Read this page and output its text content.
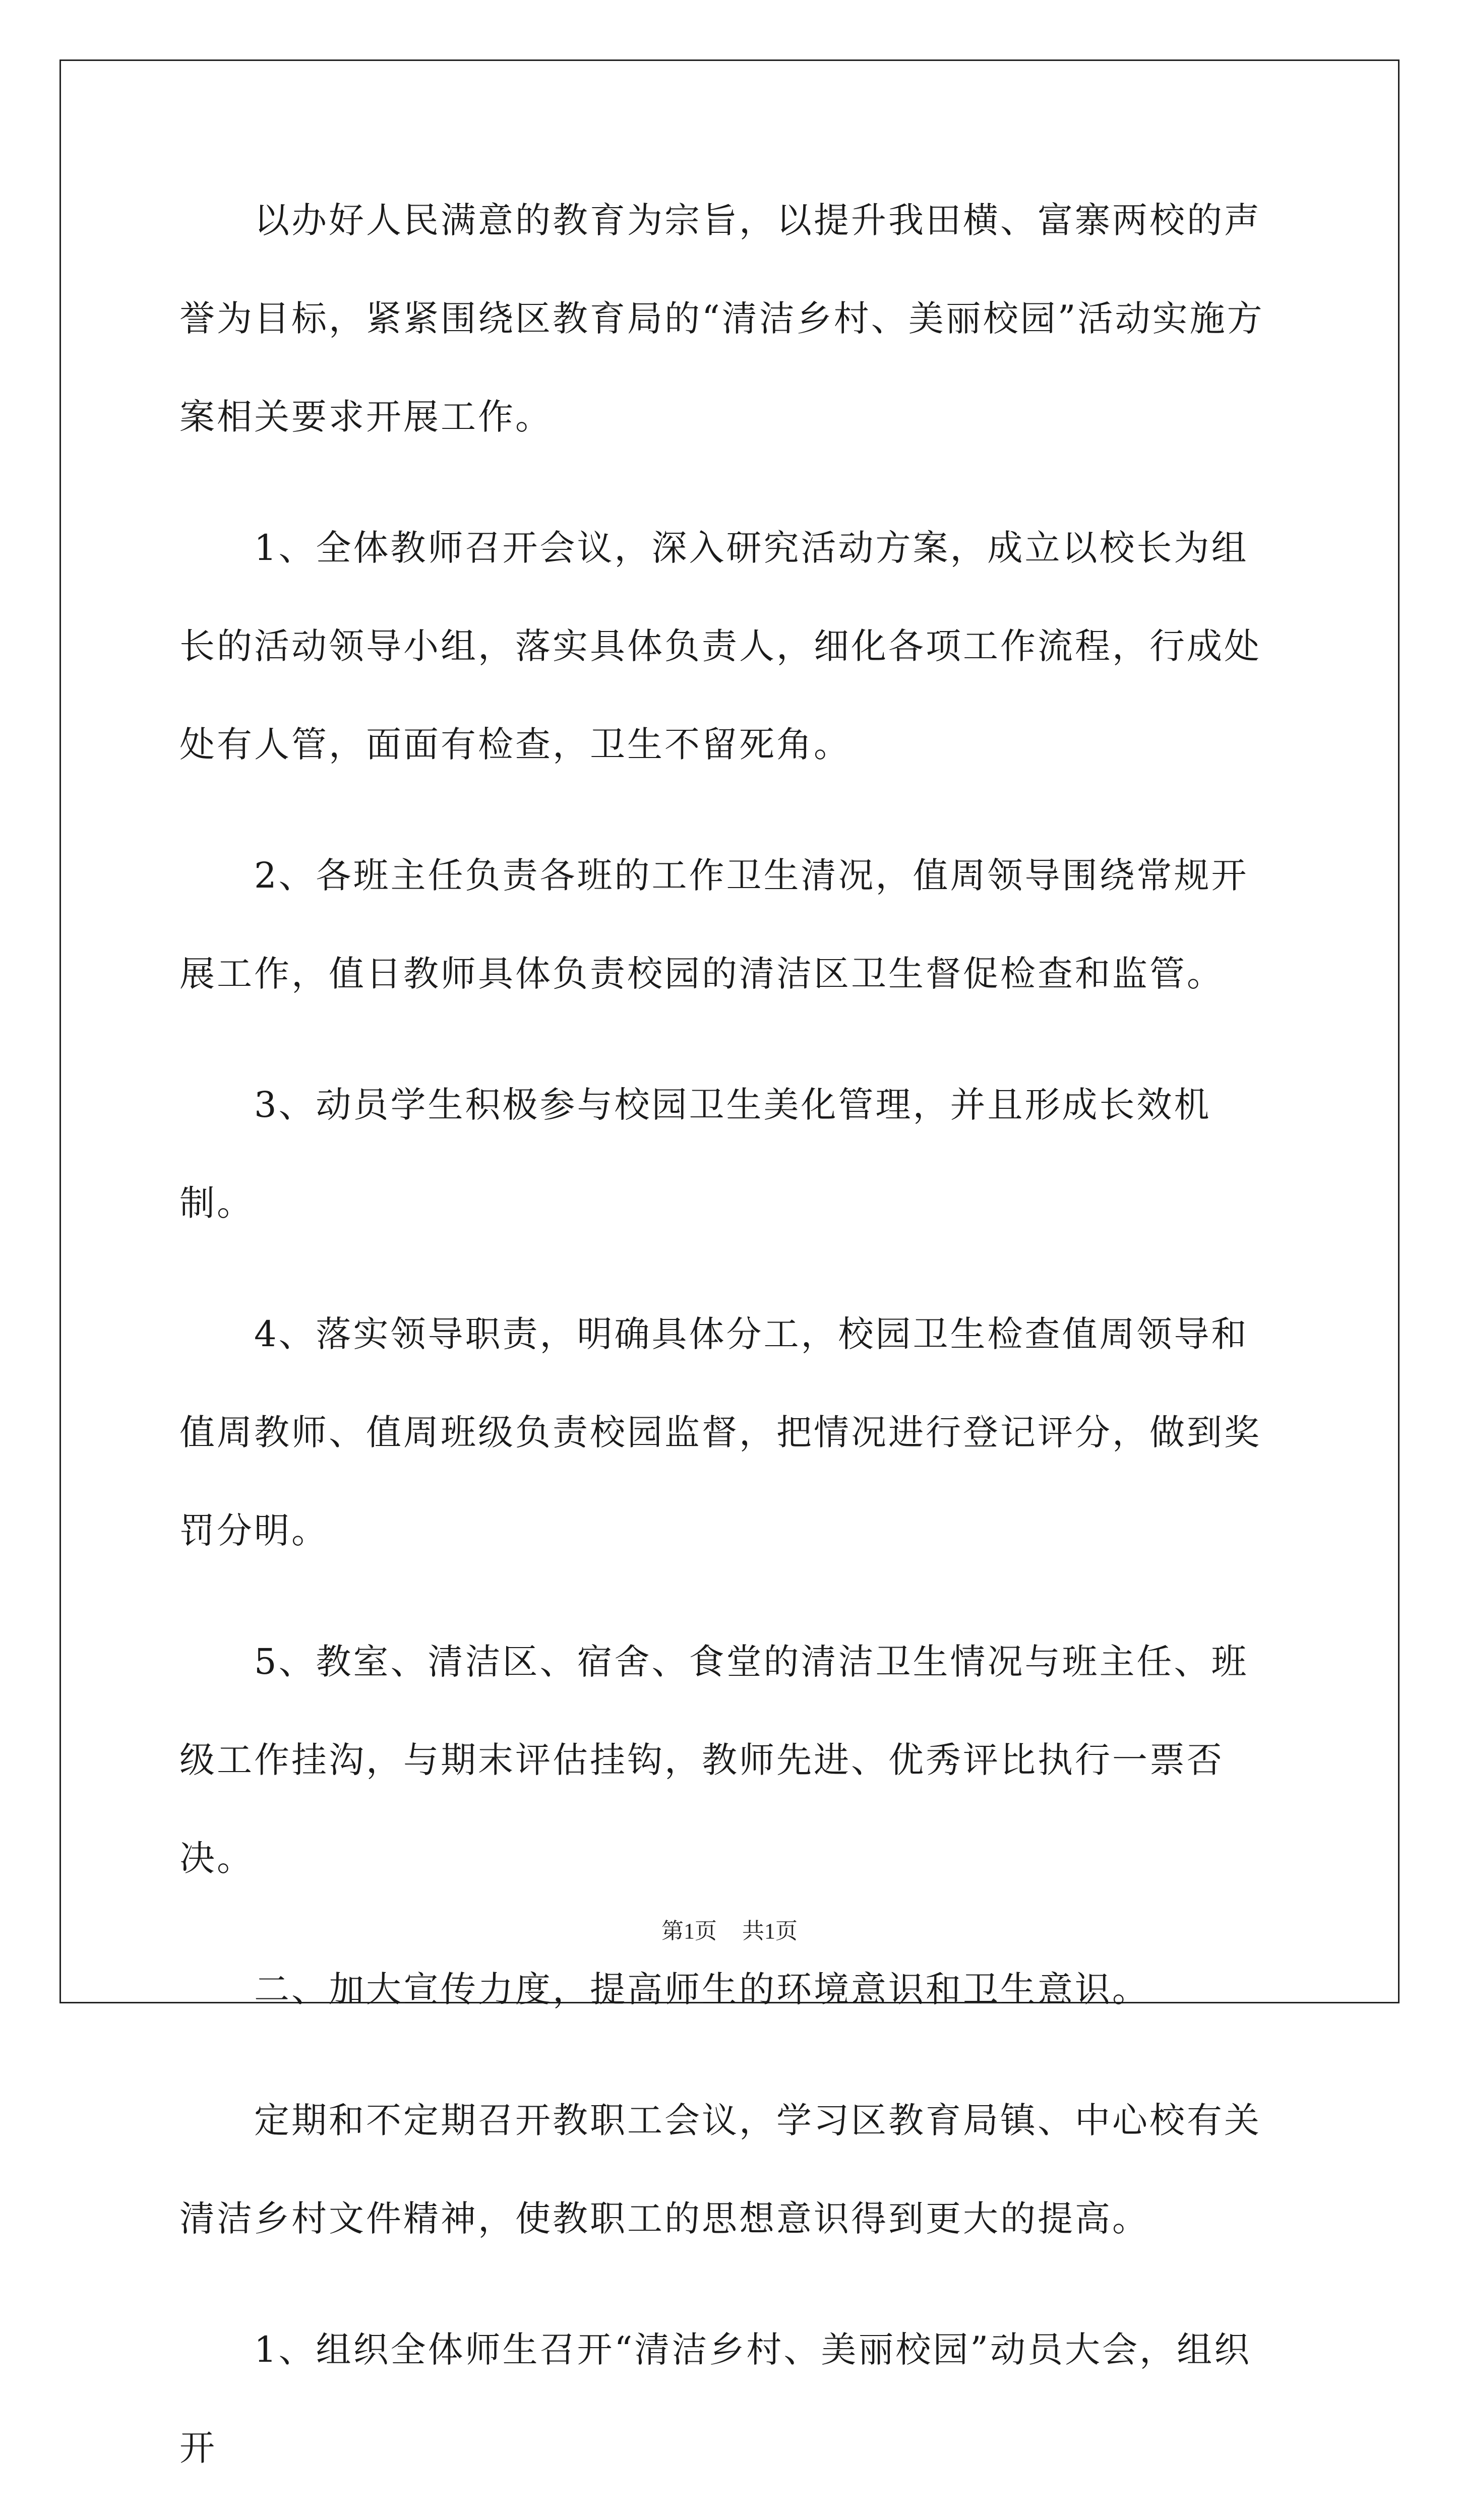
以办好人民满意的教育为宗旨，以提升我田横、富寨两校的声誉为目标，紧紧围绕区教育局的“清洁乡村、美丽校园”活动实施方案相关要求开展工作。

1、全体教师召开会议，深入研究活动方案，成立以校长为组长的活动领导小组，落实具体负责人，细化各项工作流程，行成处处有人管，面面有检查，卫生不留死角。

2、各班主任负责各班的工作卫生清况，值周领导围绕常规开展工作，值日教师具体负责校园的清洁区卫生督促检查和监管。

3、动员学生积极参与校园卫生美化管理，并且形成长效机制。

4、落实领导职责，明确具体分工，校园卫生检查值周领导和值周教师、值周班级负责校园监督，把情况进行登记评分，做到奖罚分明。

5、教室、清洁区、宿舍、食堂的清洁卫生情况与班主任、班级工作挂沟，与期末评估挂钩，教师先进、优秀评比执行一票否决。

二、加大宣传力度，提高师生的环境意识和卫生意识。

定期和不定期召开教职工会议，学习区教育局镇、中心校有关清洁乡村文件精神，使教职工的思想意识得到更大的提高。

1、组织全体师生召开“清洁乡村、美丽校园”动员大会，组织开

第1页 共1页
